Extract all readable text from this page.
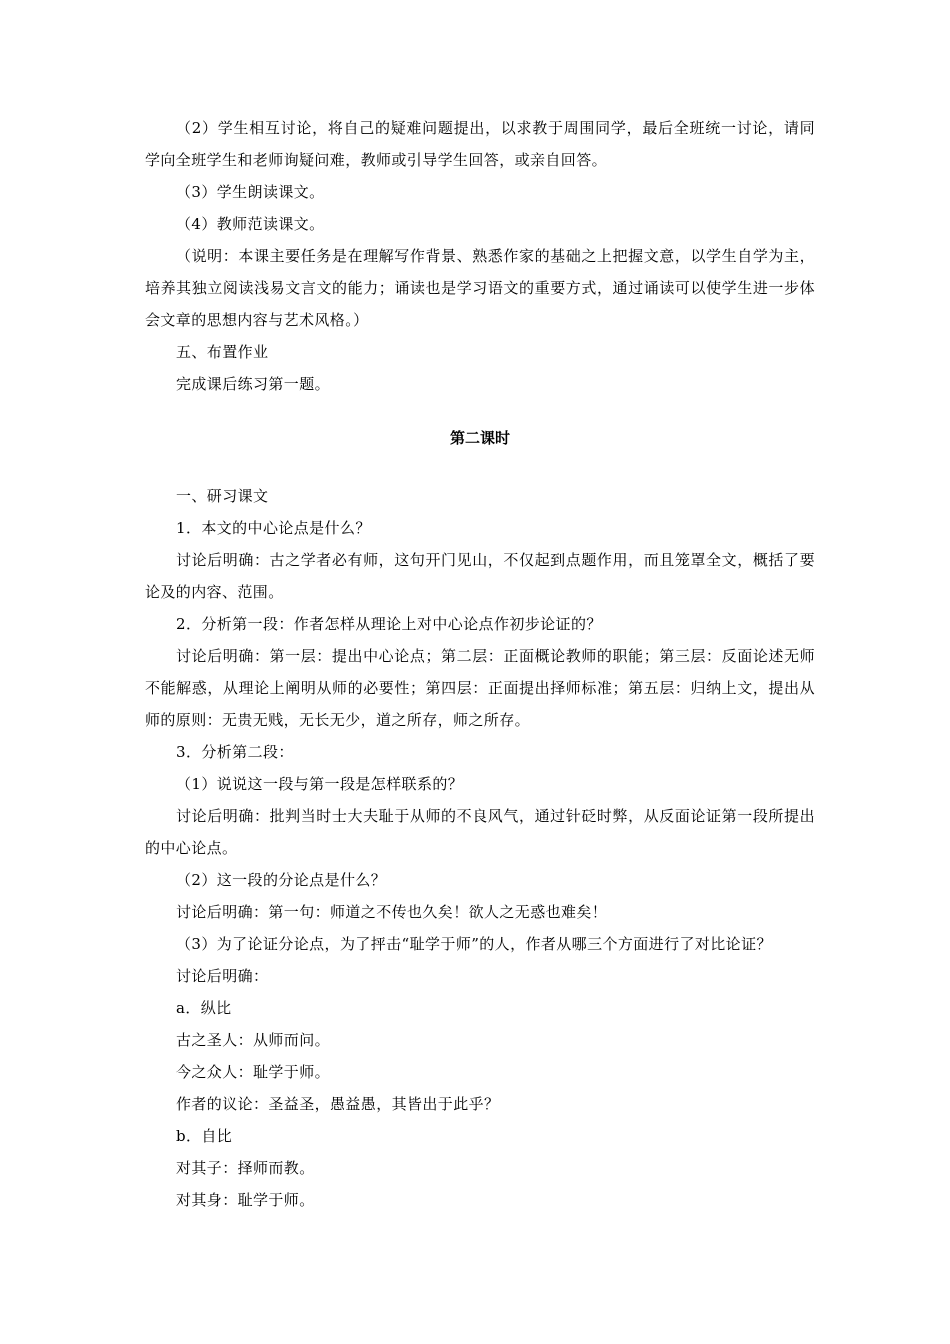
（2）学生相互讨论，将自己的疑难问题提出，以求教于周围同学，最后全班统一讨论，请同学向全班学生和老师询疑问难，教师或引导学生回答，或亲自回答。

（3）学生朗读课文。

（4）教师范读课文。

（说明：本课主要任务是在理解写作背景、熟悉作家的基础之上把握文意，以学生自学为主，培养其独立阅读浅易文言文的能力；诵读也是学习语文的重要方式，通过诵读可以使学生进一步体会文章的思想内容与艺术风格。）

五、布置作业

完成课后练习第一题。

第二课时

一、研习课文

1．本文的中心论点是什么？

讨论后明确：古之学者必有师，这句开门见山，不仅起到点题作用，而且笼罩全文，概括了要论及的内容、范围。

2．分析第一段：作者怎样从理论上对中心论点作初步论证的？

讨论后明确：第一层：提出中心论点；第二层：正面概论教师的职能；第三层：反面论述无师不能解惑，从理论上阐明从师的必要性；第四层：正面提出择师标准；第五层：归纳上文，提出从师的原则：无贵无贱，无长无少，道之所存，师之所存。

3．分析第二段：

（1）说说这一段与第一段是怎样联系的？

讨论后明确：批判当时士大夫耻于从师的不良风气，通过针砭时弊，从反面论证第一段所提出的中心论点。

（2）这一段的分论点是什么？

讨论后明确：第一句：师道之不传也久矣！欲人之无惑也难矣！

（3）为了论证分论点，为了抨击“耻学于师”的人，作者从哪三个方面进行了对比论证？

讨论后明确：

a．纵比

古之圣人：从师而问。

今之众人：耻学于师。

作者的议论：圣益圣，愚益愚，其皆出于此乎？

b．自比

对其子：择师而教。

对其身：耻学于师。
